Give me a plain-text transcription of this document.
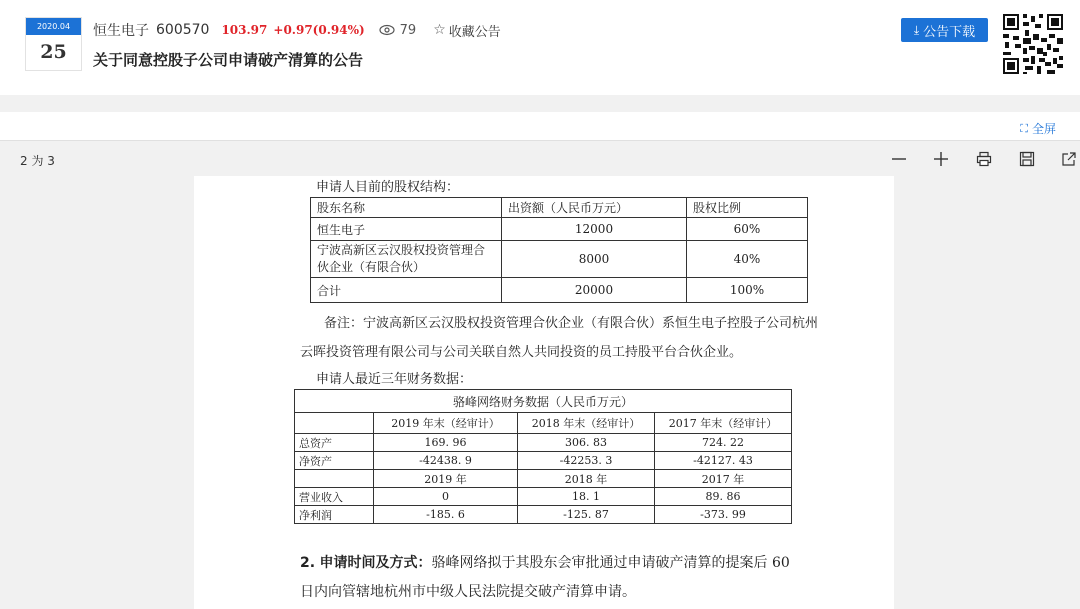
2020.04
25
恒生电子 600570 103.97 +0.97(0.94%)	79 ☆ 收藏公告
关于同意控股子公司申请破产清算的公告
⤓ 公告下载
⛶ 全屏
2 为 3
申请人目前的股权结构：
股东名称	出资额（人民币万元）	股权比例
恒生电子	12000	60%

宁波高新区云汉股权投资管理合
伙企业（有限合伙）	8000	40%
合计	20000	100%
备注：宁波高新区云汉股权投资管理合伙企业（有限合伙）系恒生电子控股子公司杭州
云晖投资管理有限公司与公司关联自然人共同投资的员工持股平台合伙企业。
申请人最近三年财务数据：
骆峰网络财务数据（人民币万元）			
	2019 年末（经审计）	2018 年末（经审计）	2017 年末（经审计）
总资产	169. 96	306. 83	724. 22
净资产	-42438. 9	-42253. 3	-42127. 43
	2019 年	2018 年	2017 年
营业收入	0	18. 1	89. 86
净利润	-185. 6	-125. 87	-373. 99
2. 申请时间及方式：骆峰网络拟于其股东会审批通过申请破产清算的提案后 60
日内向管辖地杭州市中级人民法院提交破产清算申请。
